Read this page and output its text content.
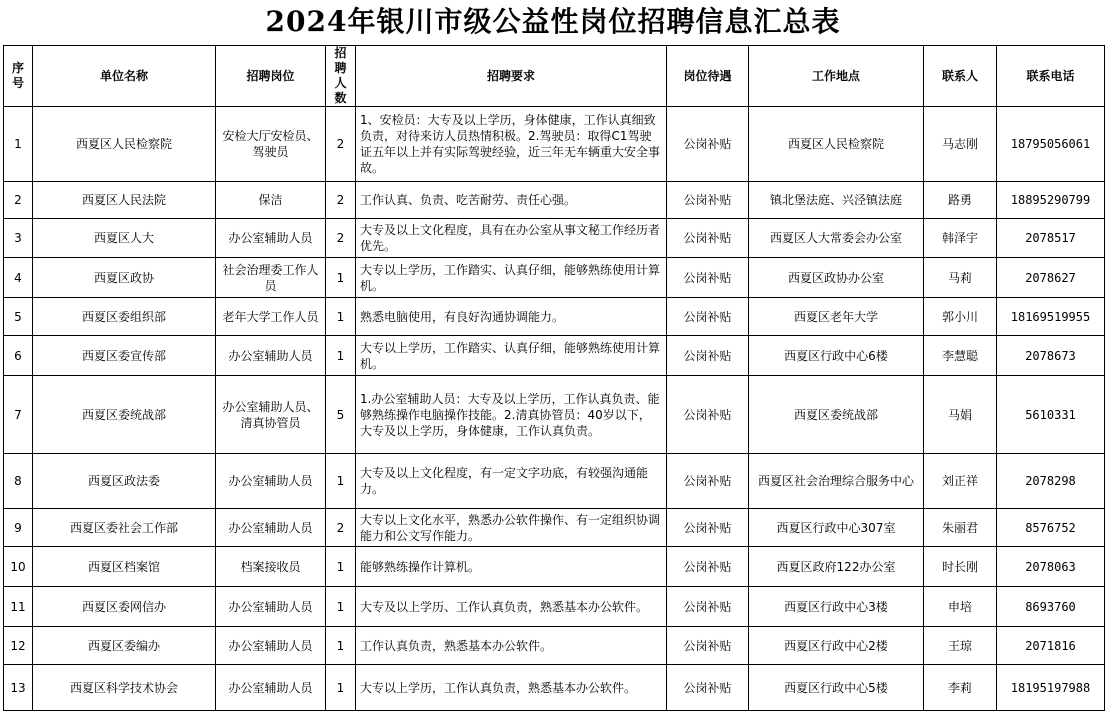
2024年银川市级公益性岗位招聘信息汇总表
序号	单位名称	招聘岗位	招聘人数	招聘要求	岗位待遇	工作地点	联系人	联系电话
1	西夏区人民检察院	安检大厅安检员、驾驶员	2	1、安检员：大专及以上学历，身体健康，工作认真细致负责，对待来访人员热情积极。2.驾驶员：取得C1驾驶证五年以上并有实际驾驶经验，近三年无车辆重大安全事故。	公岗补贴	西夏区人民检察院	马志刚	18795056061
2	西夏区人民法院	保洁	2	工作认真、负责、吃苦耐劳、责任心强。	公岗补贴	镇北堡法庭、兴泾镇法庭	路勇	18895290799
3	西夏区人大	办公室辅助人员	2	大专及以上文化程度，具有在办公室从事文秘工作经历者优先。	公岗补贴	西夏区人大常委会办公室	韩泽宇	2078517
4	西夏区政协	社会治理委工作人员	1	大专以上学历，工作踏实、认真仔细，能够熟练使用计算机。	公岗补贴	西夏区政协办公室	马莉	2078627
5	西夏区委组织部	老年大学工作人员	1	熟悉电脑使用，有良好沟通协调能力。	公岗补贴	西夏区老年大学	郭小川	18169519955
6	西夏区委宣传部	办公室辅助人员	1	大专以上学历，工作踏实、认真仔细，能够熟练使用计算机。	公岗补贴	西夏区行政中心6楼	李慧聪	2078673
7	西夏区委统战部	办公室辅助人员、清真协管员	5	1.办公室辅助人员：大专及以上学历，工作认真负责、能够熟练操作电脑操作技能。2.清真协管员：40岁以下，大专及以上学历，身体健康，工作认真负责。	公岗补贴	西夏区委统战部	马娟	5610331
8	西夏区政法委	办公室辅助人员	1	大专及以上文化程度，有一定文字功底，有较强沟通能力。	公岗补贴	西夏区社会治理综合服务中心	刘正祥	2078298
9	西夏区委社会工作部	办公室辅助人员	2	大专以上文化水平，熟悉办公软件操作、有一定组织协调能力和公文写作能力。	公岗补贴	西夏区行政中心307室	朱丽君	8576752
10	西夏区档案馆	档案接收员	1	能够熟练操作计算机。	公岗补贴	西夏区政府122办公室	时长刚	2078063
11	西夏区委网信办	办公室辅助人员	1	大专及以上学历、工作认真负责，熟悉基本办公软件。	公岗补贴	西夏区行政中心3楼	申培	8693760
12	西夏区委编办	办公室辅助人员	1	工作认真负责，熟悉基本办公软件。	公岗补贴	西夏区行政中心2楼	王琼	2071816
13	西夏区科学技术协会	办公室辅助人员	1	大专以上学历，工作认真负责，熟悉基本办公软件。	公岗补贴	西夏区行政中心5楼	李莉	18195197988
